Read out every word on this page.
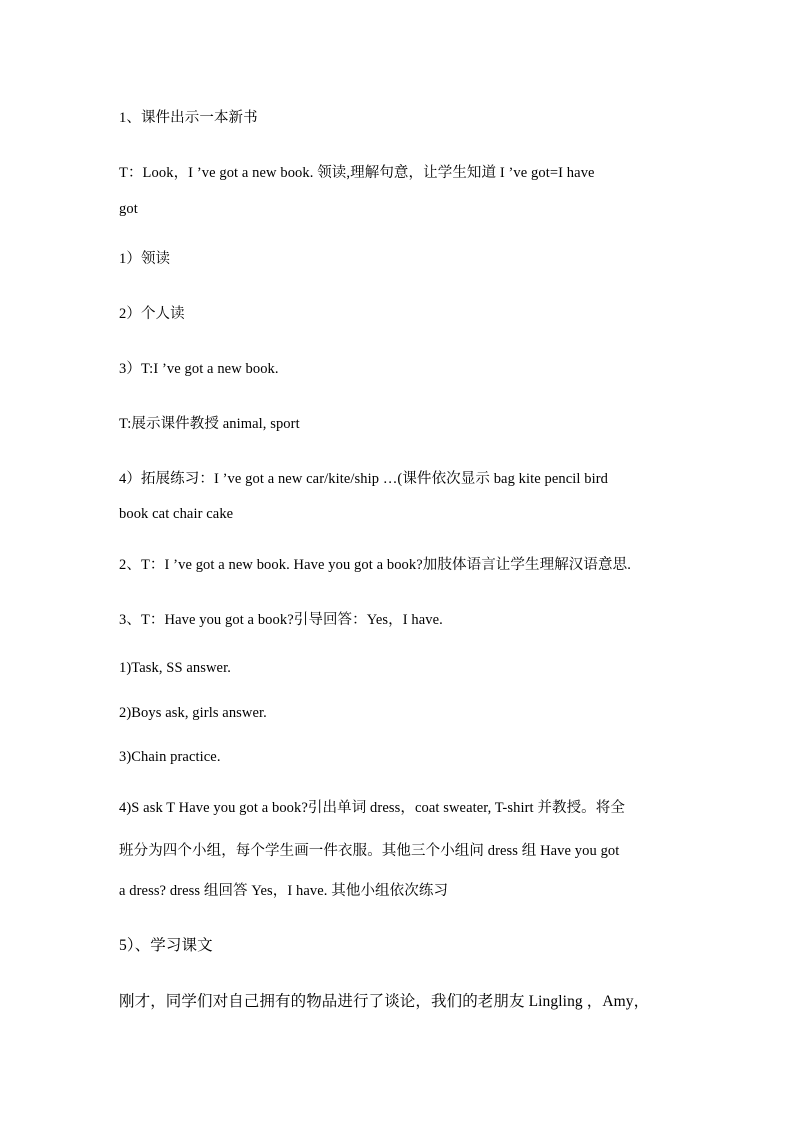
1、课件出示一本新书
T：Look，I ’ve got a new book. 领读,理解句意，让学生知道 I ’ve got=I have
got
1）领读
2）个人读
3）T:I ’ve got a new book.
T:展示课件教授 animal, sport
4）拓展练习：I ’ve got a new car/kite/ship …(课件依次显示 bag kite pencil bird
book cat chair cake
2、T：I ’ve got a new book. Have you got a book?加肢体语言让学生理解汉语意思.
3、T：Have you got a book?引导回答：Yes，I have.
1)Task, SS answer.
2)Boys ask, girls answer.
3)Chain practice.
4)S ask T Have you got a book?引出单词 dress，coat sweater, T-shirt 并教授。将全
班分为四个小组，每个学生画一件衣服。其他三个小组问 dress 组 Have you got
a dress? dress 组回答 Yes，I have. 其他小组依次练习
5）、学习课文
刚才，同学们对自己拥有的物品进行了谈论，我们的老朋友 Lingling ，Amy，
